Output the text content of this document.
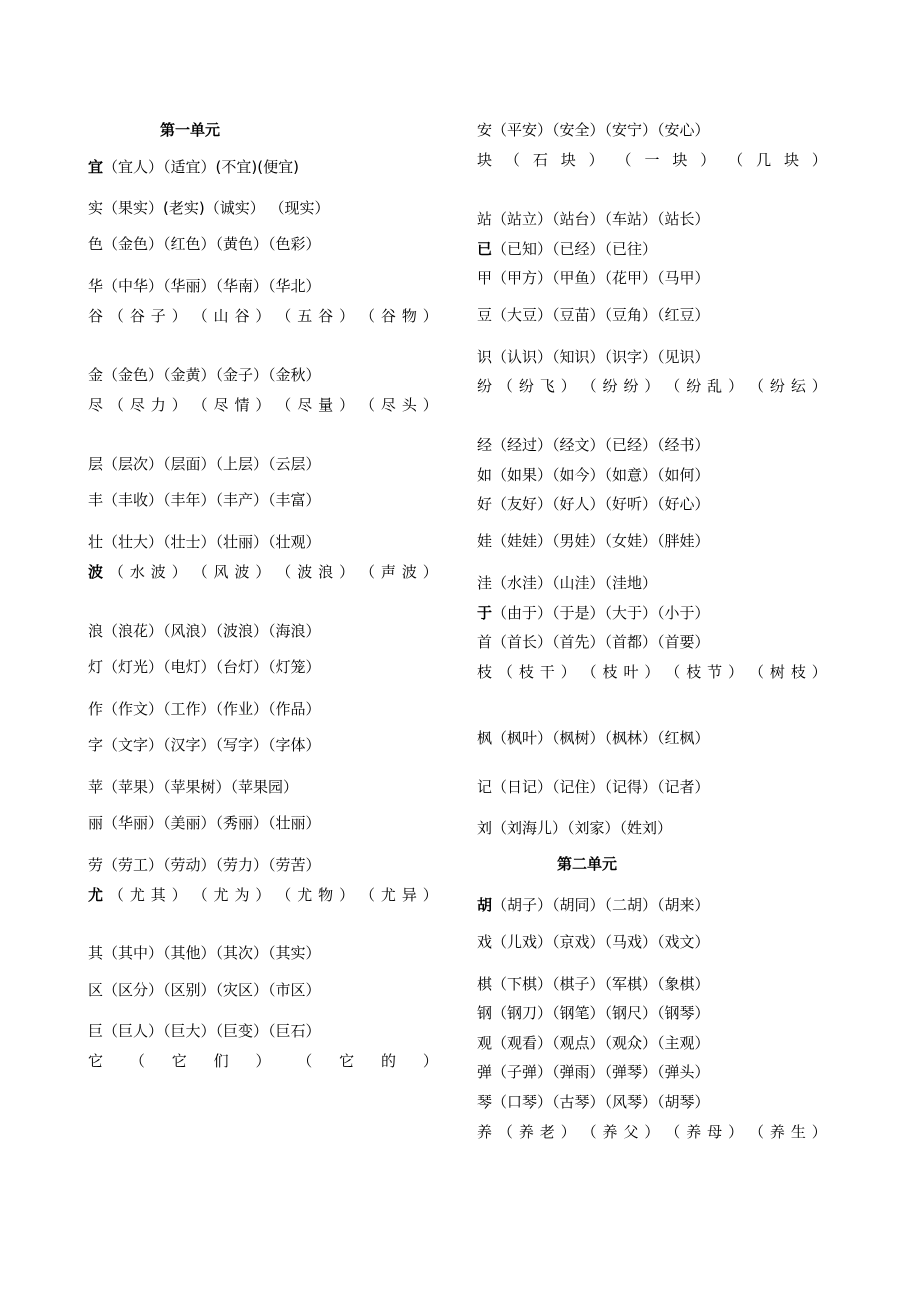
第一单元
第二单元
宜（宜人）（适宜）(不宜)(便宜)
实（果实）(老实)（诚实） （现实）
色（金色）（红色）（黄色）（色彩）
华（中华）（华丽）（华南）（华北）
谷 （ 谷 子 ） （ 山 谷 ） （ 五 谷 ） （ 谷 物 ）
金（金色）（金黄）（金子）（金秋）
尽 （ 尽 力 ） （ 尽 情 ） （ 尽 量 ） （ 尽 头 ）
层（层次）（层面）（上层）（云层）
丰（丰收）（丰年）（丰产）（丰富）
壮（壮大）（壮士）（壮丽）（壮观）
波 （ 水 波 ） （ 风 波 ） （ 波 浪 ） （ 声 波 ）
浪（浪花）（风浪）（波浪）（海浪）
灯（灯光）（电灯）（台灯）（灯笼）
作（作文）（工作）（作业）（作品）
字（文字）（汉字）（写字）（字体）
苹（苹果）（苹果树）（苹果园）
丽（华丽）（美丽）（秀丽）（壮丽）
劳（劳工）（劳动）（劳力）（劳苦）
尤 （ 尤 其 ） （ 尤 为 ） （ 尤 物 ） （ 尤 异 ）
其（其中）（其他）（其次）（其实）
区（区分）（区别）（灾区）（市区）
巨（巨人）（巨大）（巨变）（巨石）
它 （ 它 们 ） （ 它 的 ）
安（平安）（安全）（安宁）（安心）
块 （ 石 块 ） （ 一 块 ） （ 几 块 ）
站（站立）（站台）（车站）（站长）
已（已知）（已经）（已往）
甲（甲方）（甲鱼）（花甲）（马甲）
豆（大豆）（豆苗）（豆角）（红豆）
识（认识）（知识）（识字）（见识）
纷 （ 纷 飞 ） （ 纷 纷 ） （ 纷 乱 ） （ 纷 纭 ）
经（经过）（经文）（已经）（经书）
如（如果）（如今）（如意）（如何）
好（友好）（好人）（好听）（好心）
娃（娃娃）（男娃）（女娃）（胖娃）
洼（水洼）（山洼）（洼地）
于（由于）（于是）（大于）（小于）
首（首长）（首先）（首都）（首要）
枝 （ 枝 干 ） （ 枝 叶 ） （ 枝 节 ） （ 树 枝 ）
枫（枫叶）（枫树）（枫林）（红枫）
记（日记）（记住）（记得）（记者）
刘（刘海儿）（刘家）（姓刘）
胡（胡子）（胡同）（二胡）（胡来）
戏（儿戏）（京戏）（马戏）（戏文）
棋（下棋）（棋子）（军棋）（象棋）
钢（钢刀）（钢笔）（钢尺）（钢琴）
观（观看）（观点）（观众）（主观）
弹（子弹）（弹雨）（弹琴）（弹头）
琴（口琴）（古琴）（风琴）（胡琴）
养 （ 养 老 ） （ 养 父 ） （ 养 母 ） （ 养 生 ）
